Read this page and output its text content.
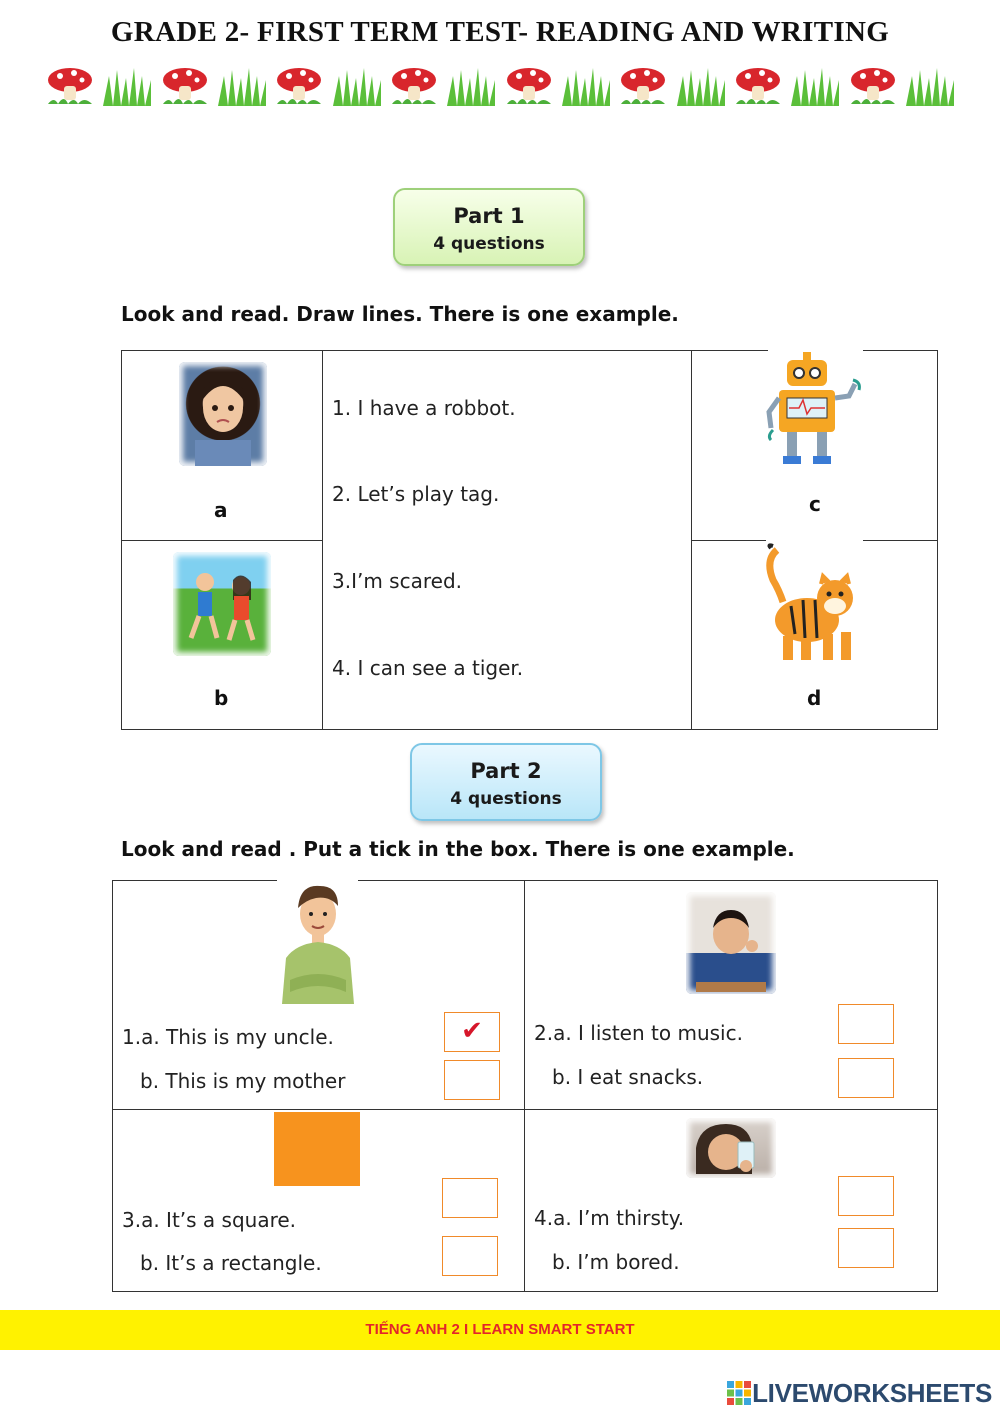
GRADE 2- FIRST TERM TEST- READING AND WRITING
Part 1
4 questions
Look and read. Draw lines. There is one example.
a
b
1. I have a robbot.
2. Let’s play tag.
3.I’m scared.
4. I can see a tiger.
c
d
Part 2
4 questions
Look and read . Put a tick in the box. There is one example.
1.a. This is my uncle.
b. This is my mother
✔	2.a. I listen to music.
b. I eat snacks.
3.a. It’s a square.
b. It’s a rectangle.
4.a. I’m thirsty.
b. I’m bored.
TIẾNG ANH 2 I LEARN SMART START
LIVEWORKSHEETS
